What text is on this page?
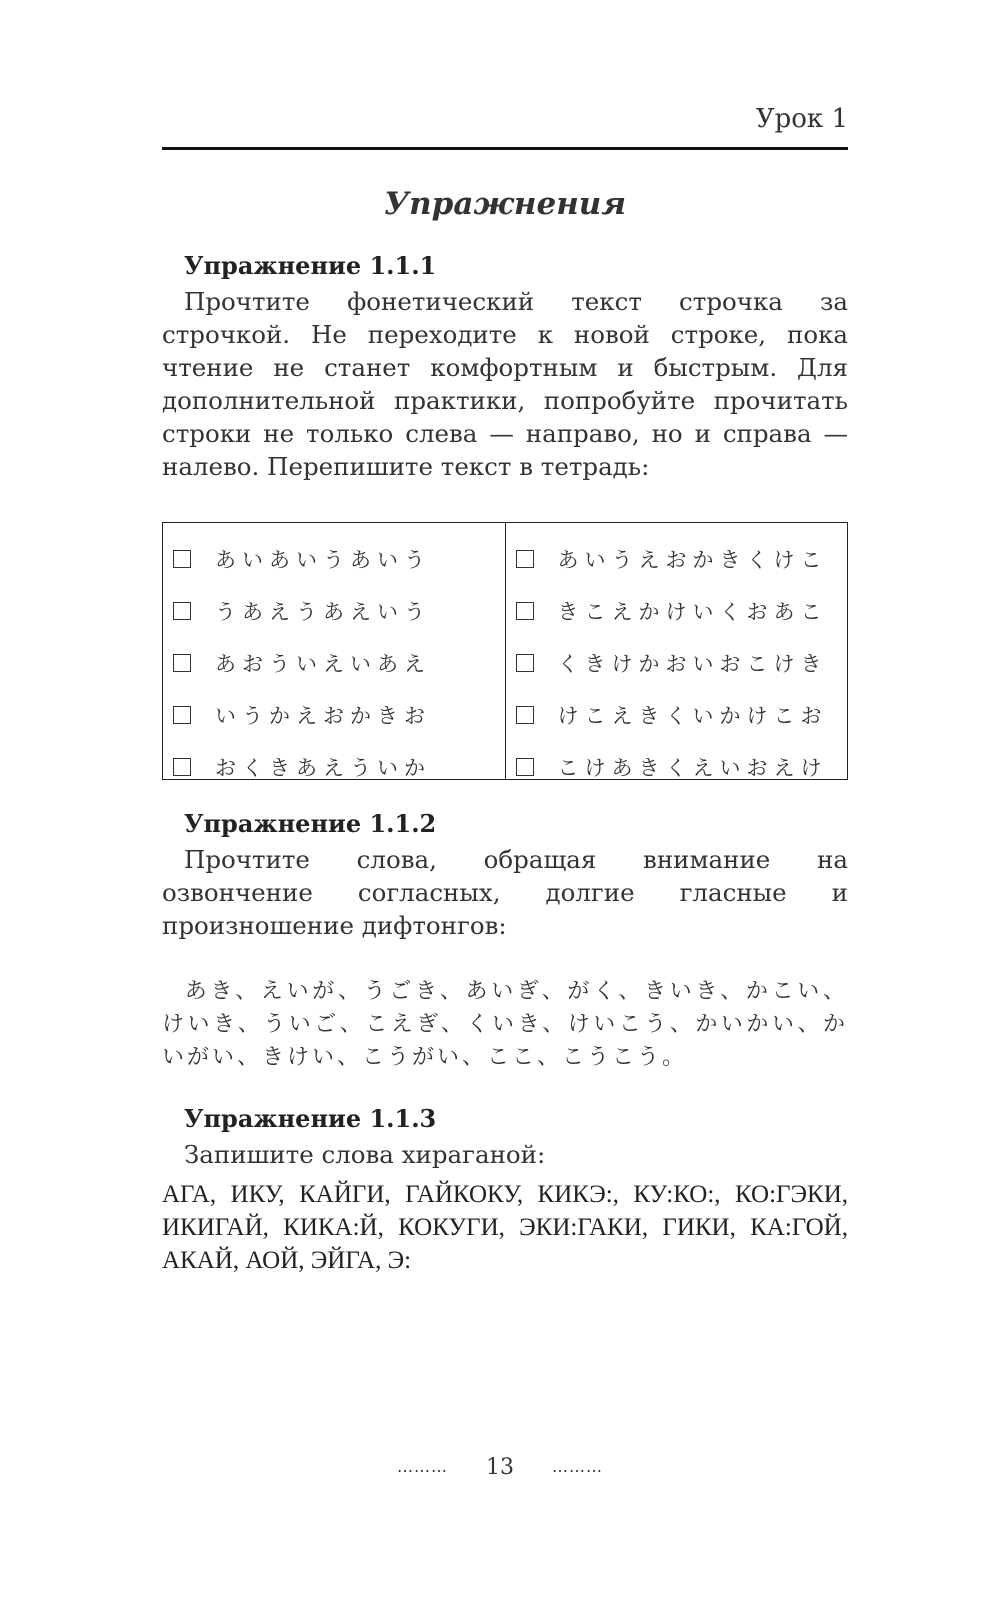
Урок 1
Упражнения
Упражнение 1.1.1

Прочтите фонетический текст строчка за строчкой. Не переходите к новой строке, пока чтение не станет комфортным и быстрым. Для дополнительной практики, попробуйте прочитать строки не только слева — направо, но и справа — налево. Перепишите текст в тетрадь:

あいあいうあいう
うあえうあえいう
あおういえいあえ
いうかえおかきお
おくきあえういか
あいうえおかきくけこ
きこえかけいくおあこ
くきけかおいおこけき
けこえきくいかけこお
こけあきくえいおえけ
Упражнение 1.1.2

Прочтите слова, обращая внимание на озвончение согласных, долгие гласные и произношение дифтонгов:

あき、えいが、うごき、あいぎ、がく、きいき、かこい、けいき、ういご、こえぎ、くいき、けいこう、かいかい、かいがい、きけい、こうがい、ここ、こうこう。

Упражнение 1.1.3

Запишите слова хираганой:

АГА, ИКУ, КАЙГИ, ГАЙКОКУ, КИКЭ:, КУ:КО:, КО:ГЭКИ, ИКИГАЙ, КИКА:Й, КОКУГИ, ЭКИ:ГАКИ, ГИКИ, КА:ГОЙ, АКАЙ, АОЙ, ЭЙГА, Э:

……… 13 ………
